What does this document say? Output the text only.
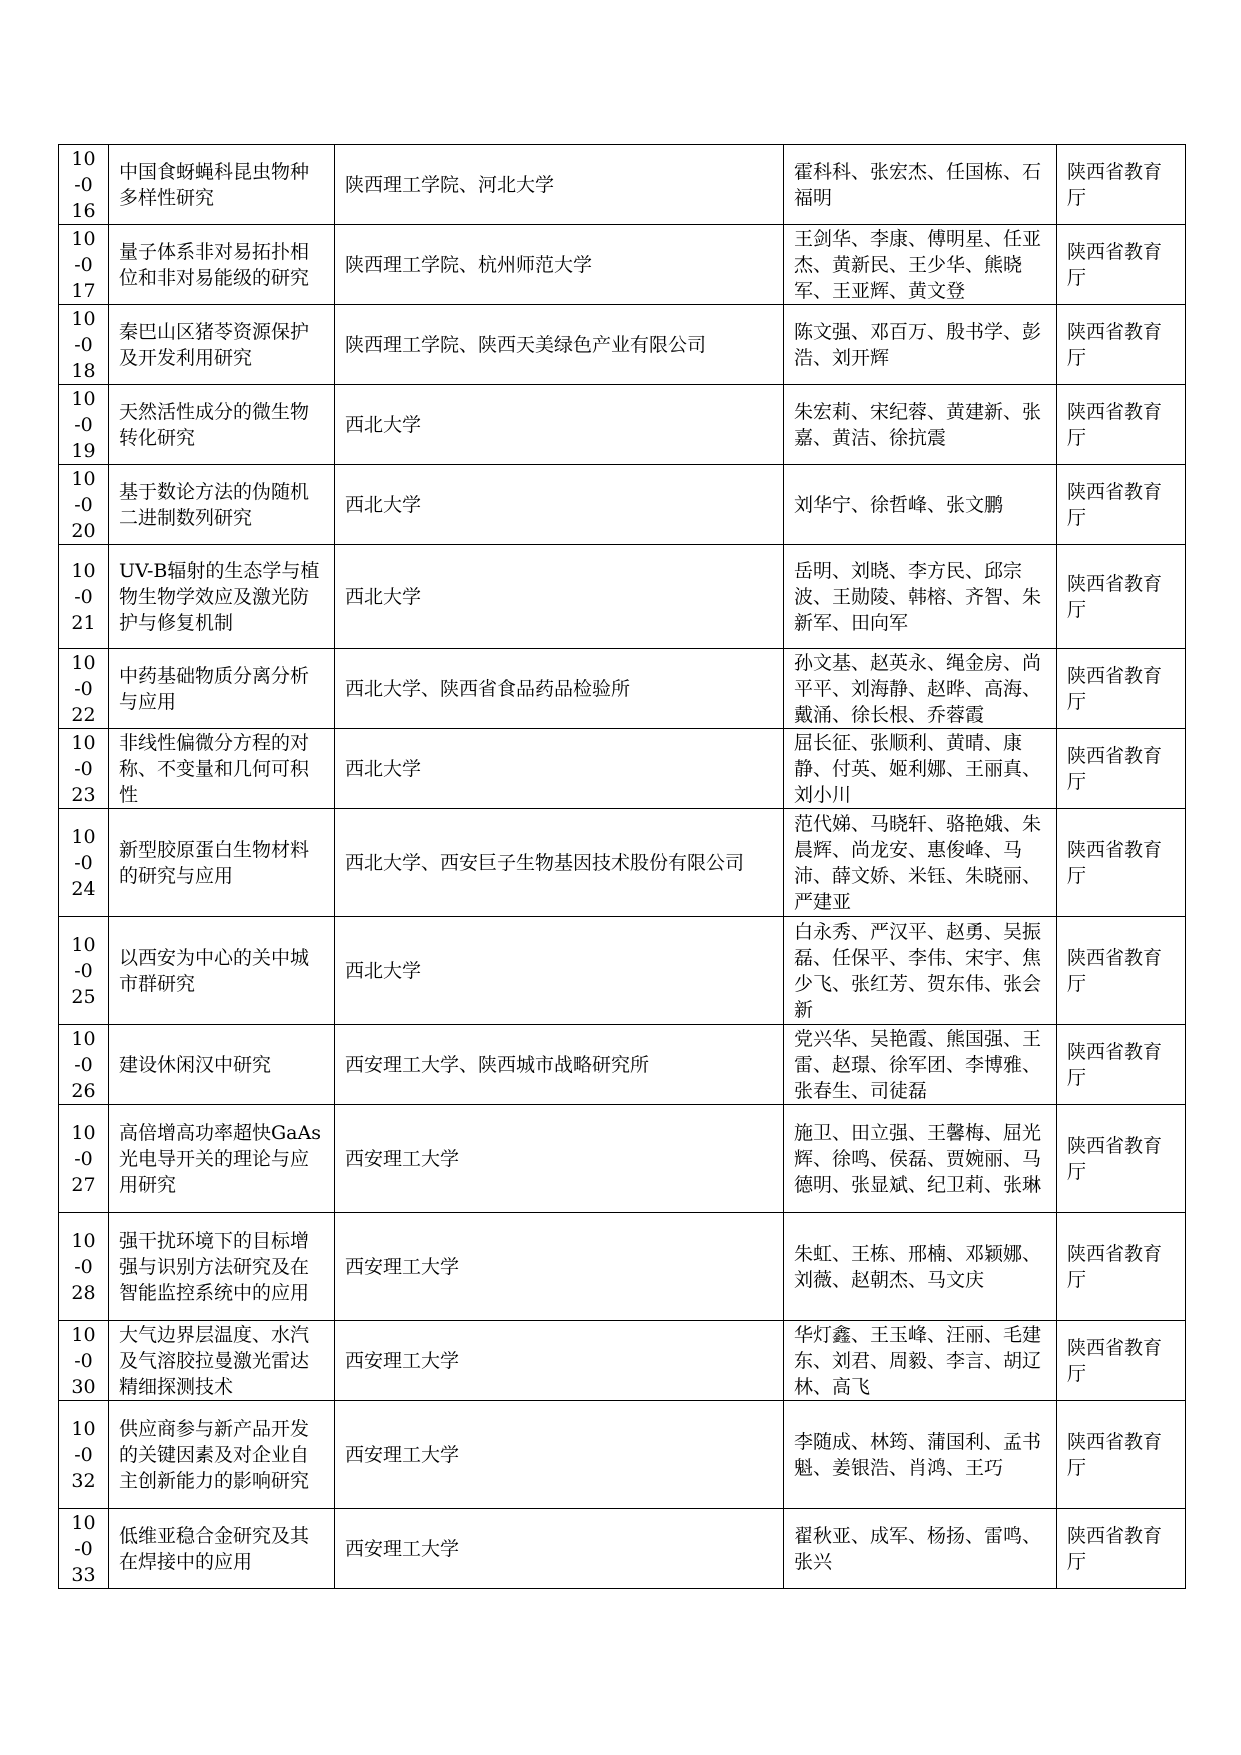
10-016	中国食蚜蝇科昆虫物种多样性研究	陕西理工学院、河北大学	霍科科、张宏杰、任国栋、石福明	陕西省教育厅
10-017	量子体系非对易拓扑相位和非对易能级的研究	陕西理工学院、杭州师范大学	王剑华、李康、傅明星、任亚杰、黄新民、王少华、熊晓军、王亚辉、黄文登	陕西省教育厅
10-018	秦巴山区猪苓资源保护及开发利用研究	陕西理工学院、陕西天美绿色产业有限公司	陈文强、邓百万、殷书学、彭浩、刘开辉	陕西省教育厅
10-019	天然活性成分的微生物转化研究	西北大学	朱宏莉、宋纪蓉、黄建新、张嘉、黄洁、徐抗震	陕西省教育厅
10-020	基于数论方法的伪随机二进制数列研究	西北大学	刘华宁、徐哲峰、张文鹏	陕西省教育厅
10-021	UV-B辐射的生态学与植物生物学效应及激光防护与修复机制	西北大学	岳明、刘晓、李方民、邱宗波、王勋陵、韩榕、齐智、朱新军、田向军	陕西省教育厅
10-022	中药基础物质分离分析与应用	西北大学、陕西省食品药品检验所	孙文基、赵英永、绳金房、尚平平、刘海静、赵晔、高海、戴涌、徐长根、乔蓉霞	陕西省教育厅
10-023	非线性偏微分方程的对称、不变量和几何可积性	西北大学	屈长征、张顺利、黄晴、康静、付英、姬利娜、王丽真、刘小川	陕西省教育厅
10-024	新型胶原蛋白生物材料的研究与应用	西北大学、西安巨子生物基因技术股份有限公司	范代娣、马晓轩、骆艳娥、朱晨辉、尚龙安、惠俊峰、马沛、薛文娇、米钰、朱晓丽、严建亚	陕西省教育厅
10-025	以西安为中心的关中城市群研究	西北大学	白永秀、严汉平、赵勇、吴振磊、任保平、李伟、宋宇、焦少飞、张红芳、贺东伟、张会新	陕西省教育厅
10-026	建设休闲汉中研究	西安理工大学、陕西城市战略研究所	党兴华、吴艳霞、熊国强、王雷、赵璟、徐军团、李博雅、张春生、司徒磊	陕西省教育厅
10-027	高倍增高功率超快GaAs光电导开关的理论与应用研究	西安理工大学	施卫、田立强、王馨梅、屈光辉、徐鸣、侯磊、贾婉丽、马德明、张显斌、纪卫莉、张琳	陕西省教育厅
10-028	强干扰环境下的目标增强与识别方法研究及在智能监控系统中的应用	西安理工大学	朱虹、王栋、邢楠、邓颖娜、刘薇、赵朝杰、马文庆	陕西省教育厅
10-030	大气边界层温度、水汽及气溶胶拉曼激光雷达精细探测技术	西安理工大学	华灯鑫、王玉峰、汪丽、毛建东、刘君、周毅、李言、胡辽林、高飞	陕西省教育厅
10-032	供应商参与新产品开发的关键因素及对企业自主创新能力的影响研究	西安理工大学	李随成、林筠、蒲国利、孟书魁、姜银浩、肖鸿、王巧	陕西省教育厅
10-033	低维亚稳合金研究及其在焊接中的应用	西安理工大学	翟秋亚、成军、杨扬、雷鸣、张兴	陕西省教育厅
